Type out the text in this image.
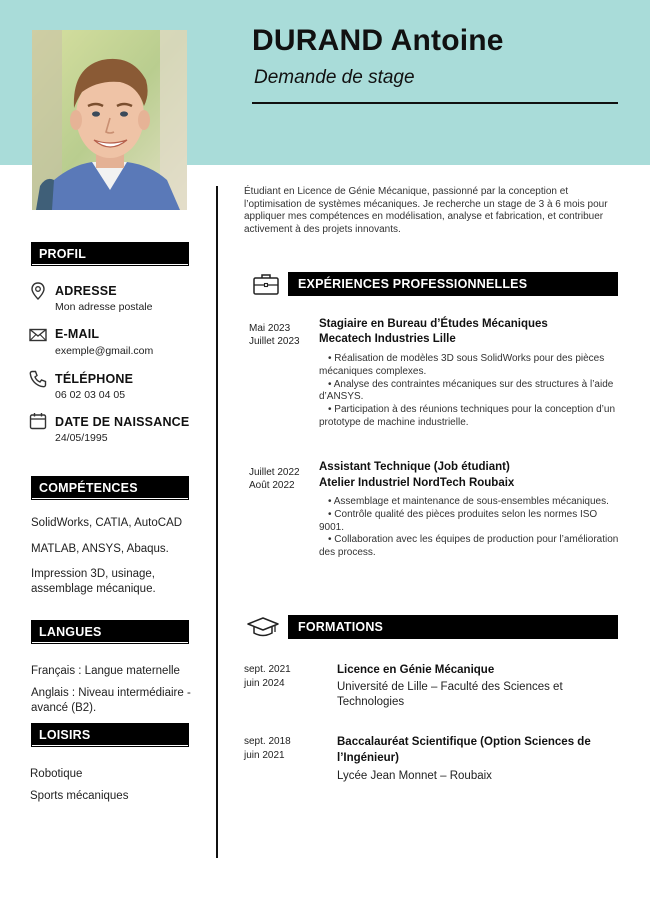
DURAND Antoine
Demande de stage
Étudiant en Licence de Génie Mécanique, passionné par la conception et l’optimisation de systèmes mécaniques. Je recherche un stage de 3 à 6 mois pour appliquer mes compétences en modélisation, analyse et fabrication, et contribuer activement à des projets innovants.
PROFIL
ADRESSE
Mon adresse postale
E-MAIL
exemple@gmail.com
TÉLÉPHONE
06 02 03 04 05
DATE DE NAISSANCE
24/05/1995
COMPÉTENCES
SolidWorks, CATIA, AutoCAD
MATLAB, ANSYS, Abaqus.
Impression 3D, usinage, assemblage mécanique.
LANGUES
Français : Langue maternelle
Anglais : Niveau intermédiaire -avancé (B2).
LOISIRS
Robotique
Sports mécaniques
EXPÉRIENCES PROFESSIONNELLES
Mai 2023
Juillet 2023
Stagiaire en Bureau d’Études Mécaniques
Mecatech Industries Lille

• Réalisation de modèles 3D sous SolidWorks pour des pièces mécaniques complexes.

• Analyse des contraintes mécaniques sur des structures à l’aide d’ANSYS.

• Participation à des réunions techniques pour la conception d’un prototype de machine industrielle.

Juillet 2022
Août 2022
Assistant Technique (Job étudiant)
Atelier Industriel NordTech Roubaix

• Assemblage et maintenance de sous-ensembles mécaniques.

• Contrôle qualité des pièces produites selon les normes ISO 9001.

• Collaboration avec les équipes de production pour l’amélioration des process.

FORMATIONS
sept. 2021
juin 2024
Licence en Génie Mécanique
Université de Lille – Faculté des Sciences et Technologies
sept. 2018
juin 2021
Baccalauréat Scientifique (Option Sciences de l’Ingénieur)
Lycée Jean Monnet – Roubaix
